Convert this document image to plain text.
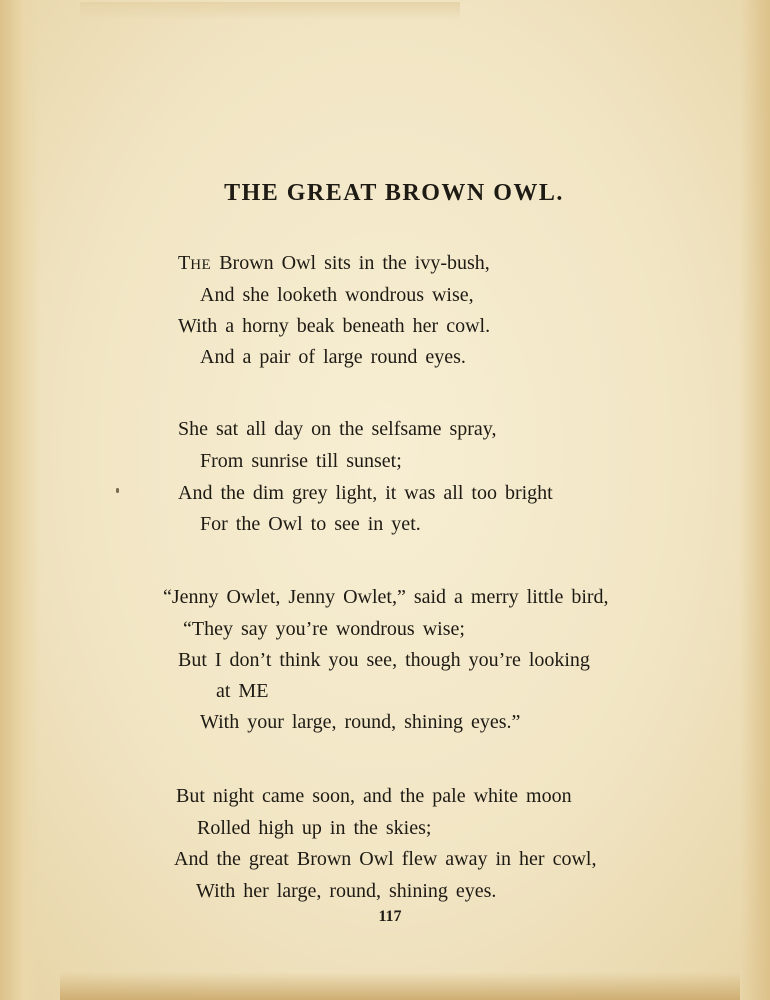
THE GREAT BROWN OWL.

THE Brown Owl sits in the ivy-bush,

And she looketh wondrous wise,

With a horny beak beneath her cowl.

And a pair of large round eyes.

She sat all day on the selfsame spray,

From sunrise till sunset;

And the dim grey light, it was all too bright

For the Owl to see in yet.

“Jenny Owlet, Jenny Owlet,” said a merry little bird,

“They say you’re wondrous wise;

But I don’t think you see, though you’re looking

at ME

With your large, round, shining eyes.”

But night came soon, and the pale white moon

Rolled high up in the skies;

And the great Brown Owl flew away in her cowl,

With her large, round, shining eyes.

117
